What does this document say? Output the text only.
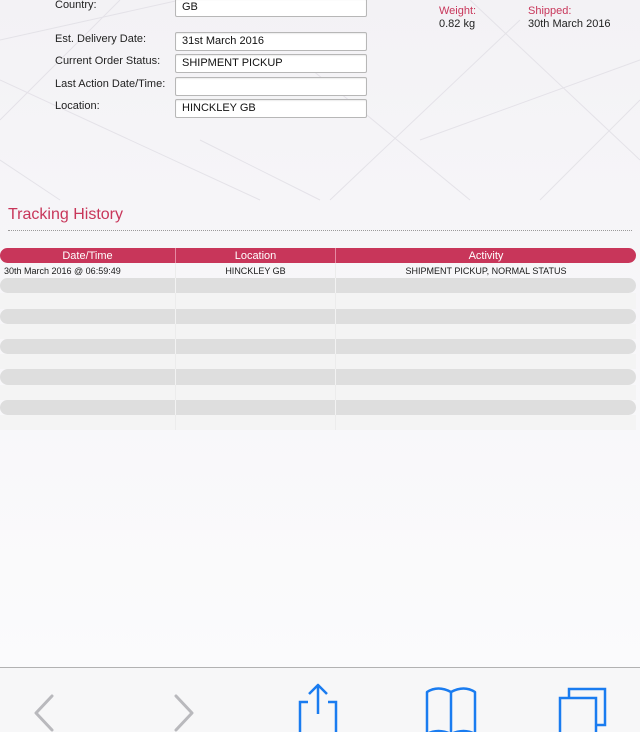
Country:	GB
Est. Delivery Date:	31st March 2016
Current Order Status:	SHIPMENT PICKUP
Last Action Date/Time:
Location:	HINCKLEY GB
Weight:
0.82 kg
Shipped:
30th March 2016
Tracking History
Date/Time	Location	Activity
30th March 2016 @ 06:59:49	HINCKLEY GB	SHIPMENT PICKUP, NORMAL STATUS
